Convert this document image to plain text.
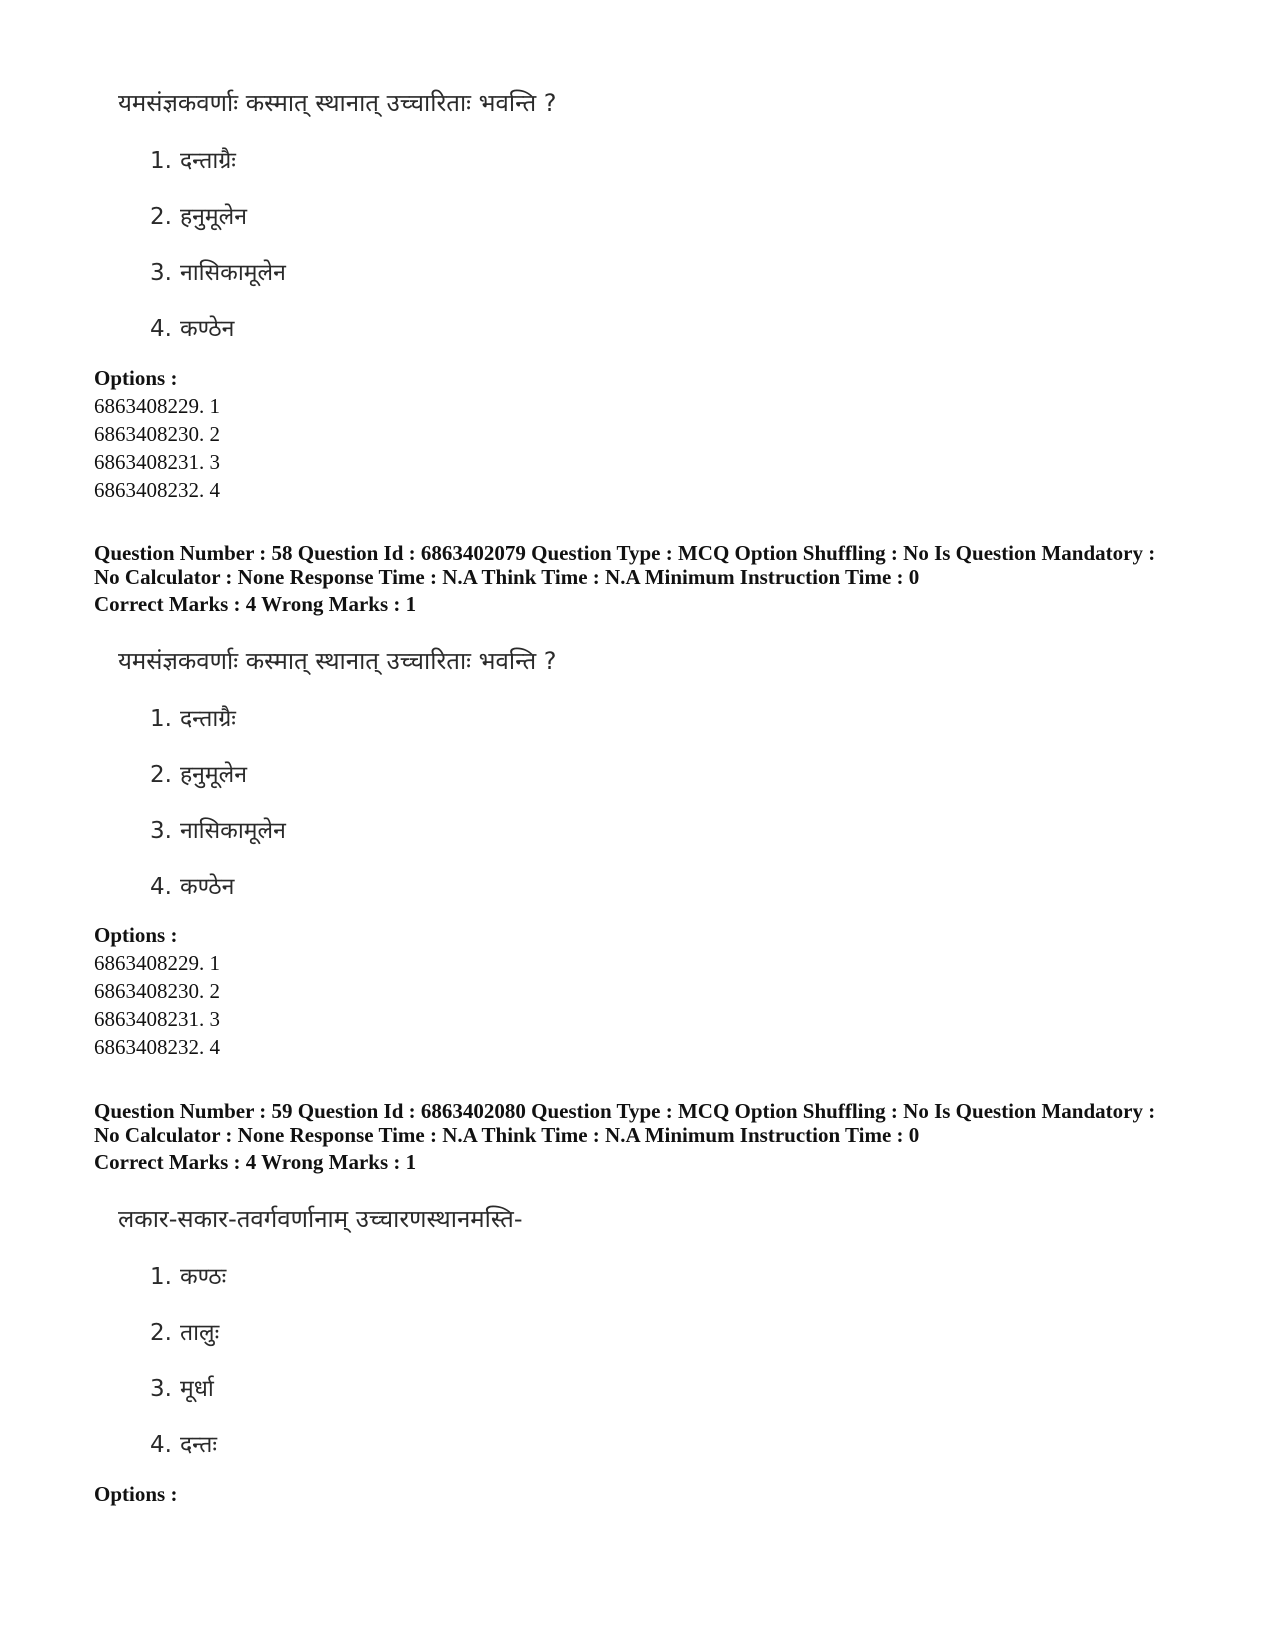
यमसंज्ञकवर्णाः कस्मात् स्थानात् उच्चारिताः भवन्ति ?
1. दन्ताग्रैः
2. हनुमूलेन
3. नासिकामूलेन
4. कण्ठेन
Options :
6863408229. 1
6863408230. 2
6863408231. 3
6863408232. 4
Question Number : 58 Question Id : 6863402079 Question Type : MCQ Option Shuffling : No Is Question Mandatory :
No Calculator : None Response Time : N.A Think Time : N.A Minimum Instruction Time : 0
Correct Marks : 4 Wrong Marks : 1
यमसंज्ञकवर्णाः कस्मात् स्थानात् उच्चारिताः भवन्ति ?
1. दन्ताग्रैः
2. हनुमूलेन
3. नासिकामूलेन
4. कण्ठेन
Options :
6863408229. 1
6863408230. 2
6863408231. 3
6863408232. 4
Question Number : 59 Question Id : 6863402080 Question Type : MCQ Option Shuffling : No Is Question Mandatory :
No Calculator : None Response Time : N.A Think Time : N.A Minimum Instruction Time : 0
Correct Marks : 4 Wrong Marks : 1
लकार-सकार-तवर्गवर्णानाम् उच्चारणस्थानमस्ति-
1. कण्ठः
2. तालुः
3. मूर्धा
4. दन्तः
Options :
